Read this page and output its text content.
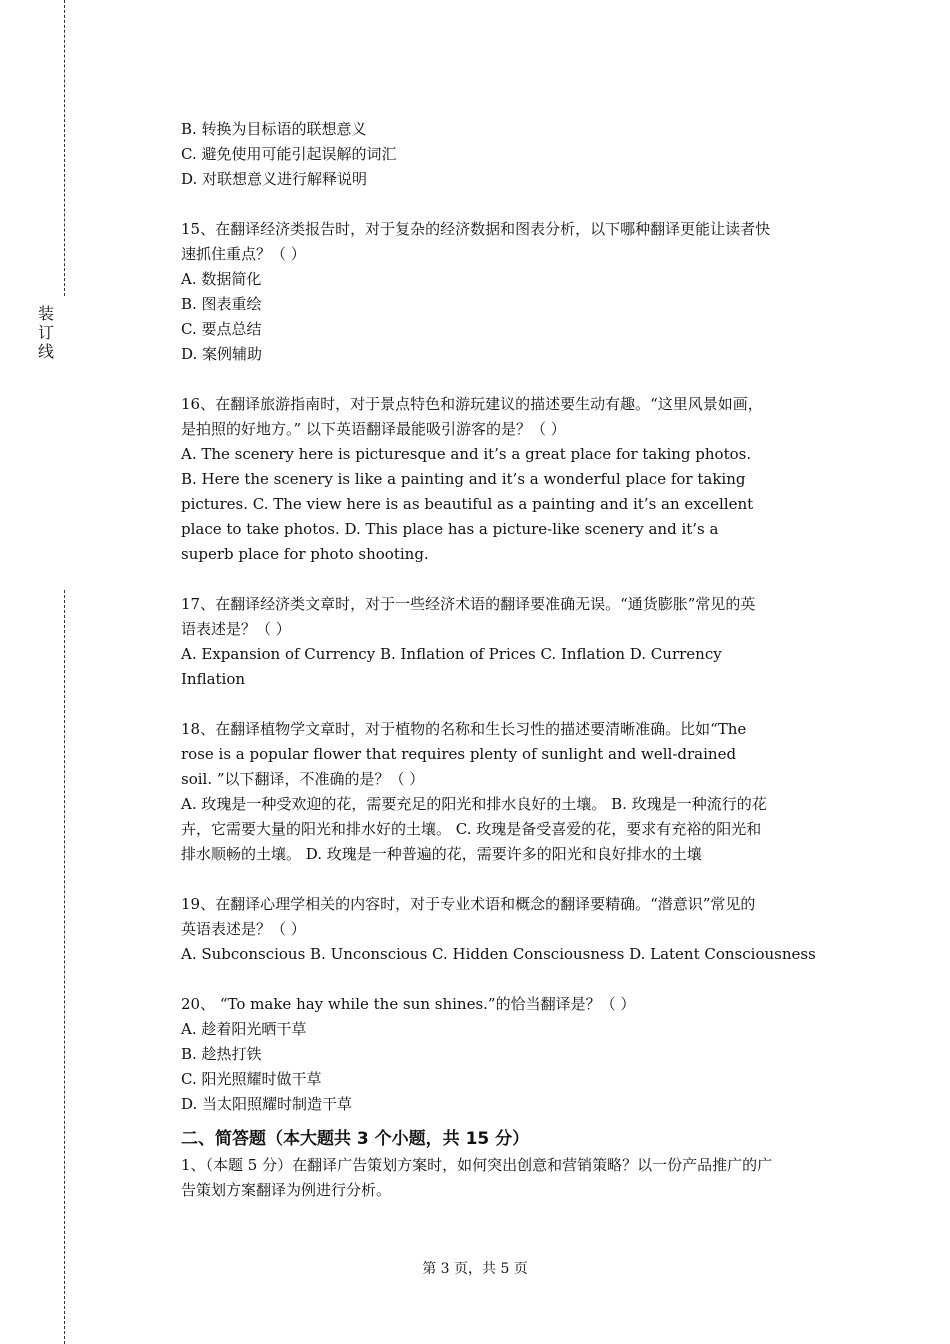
装
订
线

B. 转换为目标语的联想意义

C. 避免使用可能引起误解的词汇

D. 对联想意义进行解释说明

15、在翻译经济类报告时，对于复杂的经济数据和图表分析，以下哪种翻译更能让读者快

速抓住重点？（ ）

A. 数据简化

B. 图表重绘

C. 要点总结

D. 案例辅助

16、在翻译旅游指南时，对于景点特色和游玩建议的描述要生动有趣。“这里风景如画，

是拍照的好地方。” 以下英语翻译最能吸引游客的是？（ ）

A. The scenery here is picturesque and it’s a great place for taking photos.

B. Here the scenery is like a painting and it’s a wonderful place for taking

pictures. C. The view here is as beautiful as a painting and it’s an excellent

place to take photos. D. This place has a picture-like scenery and it’s a

superb place for photo shooting.

17、在翻译经济类文章时，对于一些经济术语的翻译要准确无误。“通货膨胀”常见的英

语表述是？（ ）

A. Expansion of Currency B. Inflation of Prices C. Inflation D. Currency

Inflation

18、在翻译植物学文章时，对于植物的名称和生长习性的描述要清晰准确。比如“The

rose is a popular flower that requires plenty of sunlight and well-drained

soil. ”以下翻译，不准确的是？（ ）

A. 玫瑰是一种受欢迎的花，需要充足的阳光和排水良好的土壤。 B. 玫瑰是一种流行的花

卉，它需要大量的阳光和排水好的土壤。 C. 玫瑰是备受喜爱的花，要求有充裕的阳光和

排水顺畅的土壤。 D. 玫瑰是一种普遍的花，需要许多的阳光和良好排水的土壤

19、在翻译心理学相关的内容时，对于专业术语和概念的翻译要精确。“潜意识”常见的

英语表述是？（ ）

A. Subconscious B. Unconscious C. Hidden Consciousness D. Latent Consciousness

20、 “To make hay while the sun shines.”的恰当翻译是？（ ）

A. 趁着阳光晒干草

B. 趁热打铁

C. 阳光照耀时做干草

D. 当太阳照耀时制造干草

二、简答题（本大题共 3 个小题，共 15 分）

1、（本题 5 分）在翻译广告策划方案时，如何突出创意和营销策略？以一份产品推广的广

告策划方案翻译为例进行分析。

第 3 页，共 5 页
